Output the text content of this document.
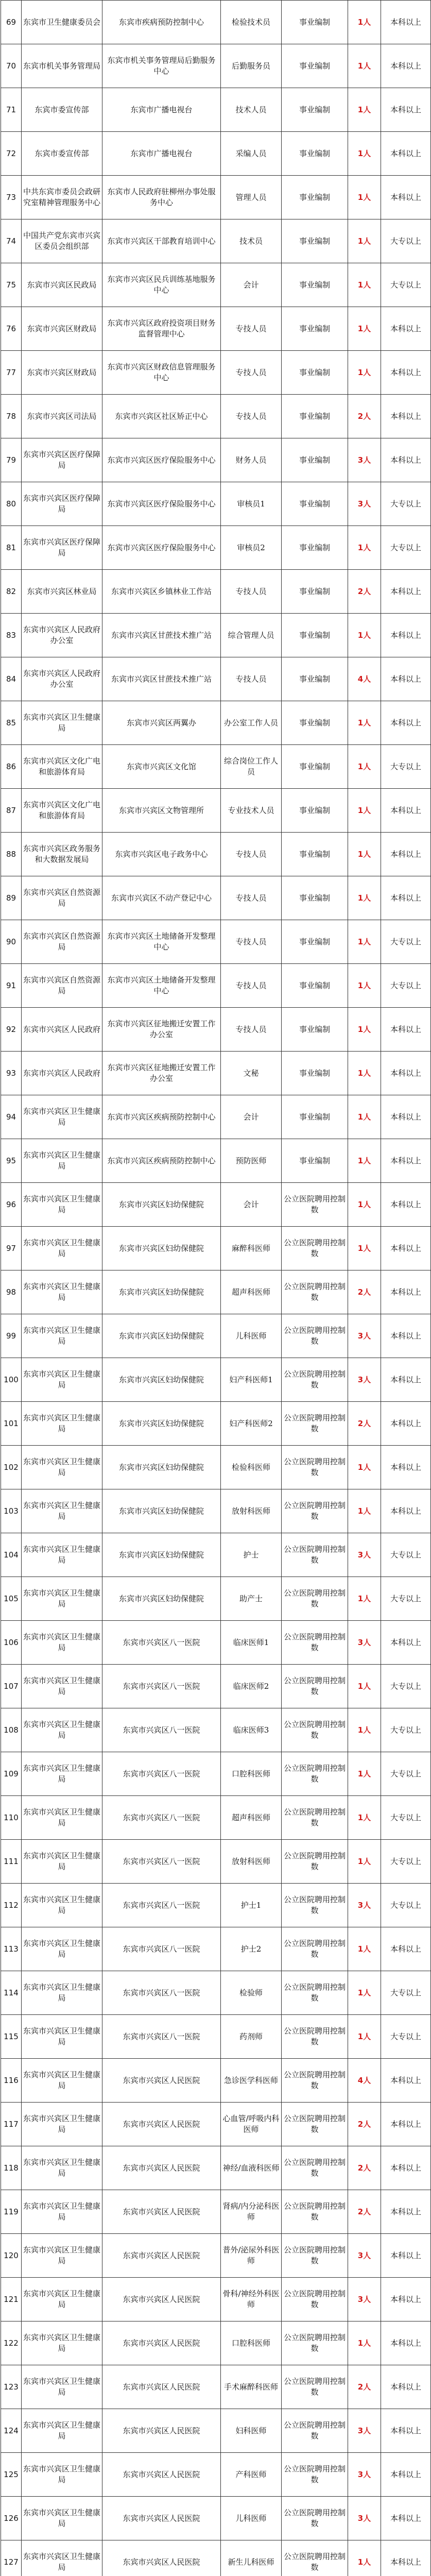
69	东宾市卫生健康委员会	东宾市疾病预防控制中心	检验技术员	事业编制	1人	本科以上
70	东宾市机关事务管理局	东宾市机关事务管理局后勤服务中心	后勤服务员	事业编制	1人	本科以上
71	东宾市委宣传部	东宾市广播电视台	技术人员	事业编制	1人	本科以上
72	东宾市委宣传部	东宾市广播电视台	采编人员	事业编制	1人	本科以上
73	中共东宾市委员会政研究室精神管理服务中心	东宾市人民政府驻柳州办事处服务中心	管理人员	事业编制	1人	本科以上
74	中国共产党东宾市兴宾区委员会组织部	东宾市兴宾区干部教育培训中心	技术员	事业编制	1人	大专以上
75	东宾市兴宾区民政局	东宾市兴宾区民兵训练基地服务中心	会计	事业编制	1人	大专以上
76	东宾市兴宾区财政局	东宾市兴宾区政府投资项目财务监督管理中心	专技人员	事业编制	1人	本科以上
77	东宾市兴宾区财政局	东宾市兴宾区财政信息管理服务中心	专技人员	事业编制	1人	本科以上
78	东宾市兴宾区司法局	东宾市兴宾区社区矫正中心	专技人员	事业编制	2人	本科以上
79	东宾市兴宾区医疗保障局	东宾市兴宾区医疗保险服务中心	财务人员	事业编制	3人	本科以上
80	东宾市兴宾区医疗保障局	东宾市兴宾区医疗保险服务中心	审核员1	事业编制	3人	大专以上
81	东宾市兴宾区医疗保障局	东宾市兴宾区医疗保险服务中心	审核员2	事业编制	1人	大专以上
82	东宾市兴宾区林业局	东宾市兴宾区乡镇林业工作站	专技人员	事业编制	2人	本科以上
83	东宾市兴宾区人民政府办公室	东宾市兴宾区甘蔗技术推广站	综合管理人员	事业编制	1人	本科以上
84	东宾市兴宾区人民政府办公室	东宾市兴宾区甘蔗技术推广站	专技人员	事业编制	4人	本科以上
85	东宾市兴宾区卫生健康局	东宾市兴宾区两翼办	办公室工作人员	事业编制	1人	本科以上
86	东宾市兴宾区文化广电和旅游体育局	东宾市兴宾区文化馆	综合岗位工作人员	事业编制	1人	大专以上
87	东宾市兴宾区文化广电和旅游体育局	东宾市兴宾区文物管理所	专业技术人员	事业编制	1人	本科以上
88	东宾市兴宾区政务服务和大数据发展局	东宾市兴宾区电子政务中心	专技人员	事业编制	1人	本科以上
89	东宾市兴宾区自然资源局	东宾市兴宾区不动产登记中心	专技人员	事业编制	1人	本科以上
90	东宾市兴宾区自然资源局	东宾市兴宾区土地储备开发整理中心	专技人员	事业编制	1人	大专以上
91	东宾市兴宾区自然资源局	东宾市兴宾区土地储备开发整理中心	专技人员	事业编制	1人	大专以上
92	东宾市兴宾区人民政府	东宾市兴宾区征地搬迁安置工作办公室	专技人员	事业编制	1人	本科以上
93	东宾市兴宾区人民政府	东宾市兴宾区征地搬迁安置工作办公室	文秘	事业编制	1人	本科以上
94	东宾市兴宾区卫生健康局	东宾市兴宾区疾病预防控制中心	会计	事业编制	1人	本科以上
95	东宾市兴宾区卫生健康局	东宾市兴宾区疾病预防控制中心	预防医师	事业编制	1人	本科以上
96	东宾市兴宾区卫生健康局	东宾市兴宾区妇幼保健院	会计	公立医院聘用控制数	1人	本科以上
97	东宾市兴宾区卫生健康局	东宾市兴宾区妇幼保健院	麻醉科医师	公立医院聘用控制数	1人	本科以上
98	东宾市兴宾区卫生健康局	东宾市兴宾区妇幼保健院	超声科医师	公立医院聘用控制数	2人	本科以上
99	东宾市兴宾区卫生健康局	东宾市兴宾区妇幼保健院	儿科医师	公立医院聘用控制数	3人	本科以上
100	东宾市兴宾区卫生健康局	东宾市兴宾区妇幼保健院	妇产科医师1	公立医院聘用控制数	3人	本科以上
101	东宾市兴宾区卫生健康局	东宾市兴宾区妇幼保健院	妇产科医师2	公立医院聘用控制数	2人	本科以上
102	东宾市兴宾区卫生健康局	东宾市兴宾区妇幼保健院	检验科医师	公立医院聘用控制数	1人	本科以上
103	东宾市兴宾区卫生健康局	东宾市兴宾区妇幼保健院	放射科医师	公立医院聘用控制数	1人	本科以上
104	东宾市兴宾区卫生健康局	东宾市兴宾区妇幼保健院	护士	公立医院聘用控制数	3人	大专以上
105	东宾市兴宾区卫生健康局	东宾市兴宾区妇幼保健院	助产士	公立医院聘用控制数	1人	大专以上
106	东宾市兴宾区卫生健康局	东宾市兴宾区八一医院	临床医师1	公立医院聘用控制数	3人	本科以上
107	东宾市兴宾区卫生健康局	东宾市兴宾区八一医院	临床医师2	公立医院聘用控制数	1人	大专以上
108	东宾市兴宾区卫生健康局	东宾市兴宾区八一医院	临床医师3	公立医院聘用控制数	1人	大专以上
109	东宾市兴宾区卫生健康局	东宾市兴宾区八一医院	口腔科医师	公立医院聘用控制数	1人	大专以上
110	东宾市兴宾区卫生健康局	东宾市兴宾区八一医院	超声科医师	公立医院聘用控制数	1人	大专以上
111	东宾市兴宾区卫生健康局	东宾市兴宾区八一医院	放射科医师	公立医院聘用控制数	1人	大专以上
112	东宾市兴宾区卫生健康局	东宾市兴宾区八一医院	护士1	公立医院聘用控制数	3人	大专以上
113	东宾市兴宾区卫生健康局	东宾市兴宾区八一医院	护士2	公立医院聘用控制数	1人	本科以上
114	东宾市兴宾区卫生健康局	东宾市兴宾区八一医院	检验师	公立医院聘用控制数	1人	大专以上
115	东宾市兴宾区卫生健康局	东宾市兴宾区八一医院	药剂师	公立医院聘用控制数	1人	大专以上
116	东宾市兴宾区卫生健康局	东宾市兴宾区人民医院	急诊医学科医师	公立医院聘用控制数	4人	本科以上
117	东宾市兴宾区卫生健康局	东宾市兴宾区人民医院	心血管/呼吸内科医师	公立医院聘用控制数	2人	本科以上
118	东宾市兴宾区卫生健康局	东宾市兴宾区人民医院	神经/血液科医师	公立医院聘用控制数	2人	本科以上
119	东宾市兴宾区卫生健康局	东宾市兴宾区人民医院	肾病/内分泌科医师	公立医院聘用控制数	2人	本科以上
120	东宾市兴宾区卫生健康局	东宾市兴宾区人民医院	普外/泌尿外科医师	公立医院聘用控制数	3人	本科以上
121	东宾市兴宾区卫生健康局	东宾市兴宾区人民医院	骨科/神经外科医师	公立医院聘用控制数	3人	本科以上
122	东宾市兴宾区卫生健康局	东宾市兴宾区人民医院	口腔科医师	公立医院聘用控制数	1人	本科以上
123	东宾市兴宾区卫生健康局	东宾市兴宾区人民医院	手术麻醉科医师	公立医院聘用控制数	2人	本科以上
124	东宾市兴宾区卫生健康局	东宾市兴宾区人民医院	妇科医师	公立医院聘用控制数	3人	本科以上
125	东宾市兴宾区卫生健康局	东宾市兴宾区人民医院	产科医师	公立医院聘用控制数	3人	本科以上
126	东宾市兴宾区卫生健康局	东宾市兴宾区人民医院	儿科医师	公立医院聘用控制数	3人	本科以上
127	东宾市兴宾区卫生健康局	东宾市兴宾区人民医院	新生儿科医师	公立医院聘用控制数	1人	本科以上
